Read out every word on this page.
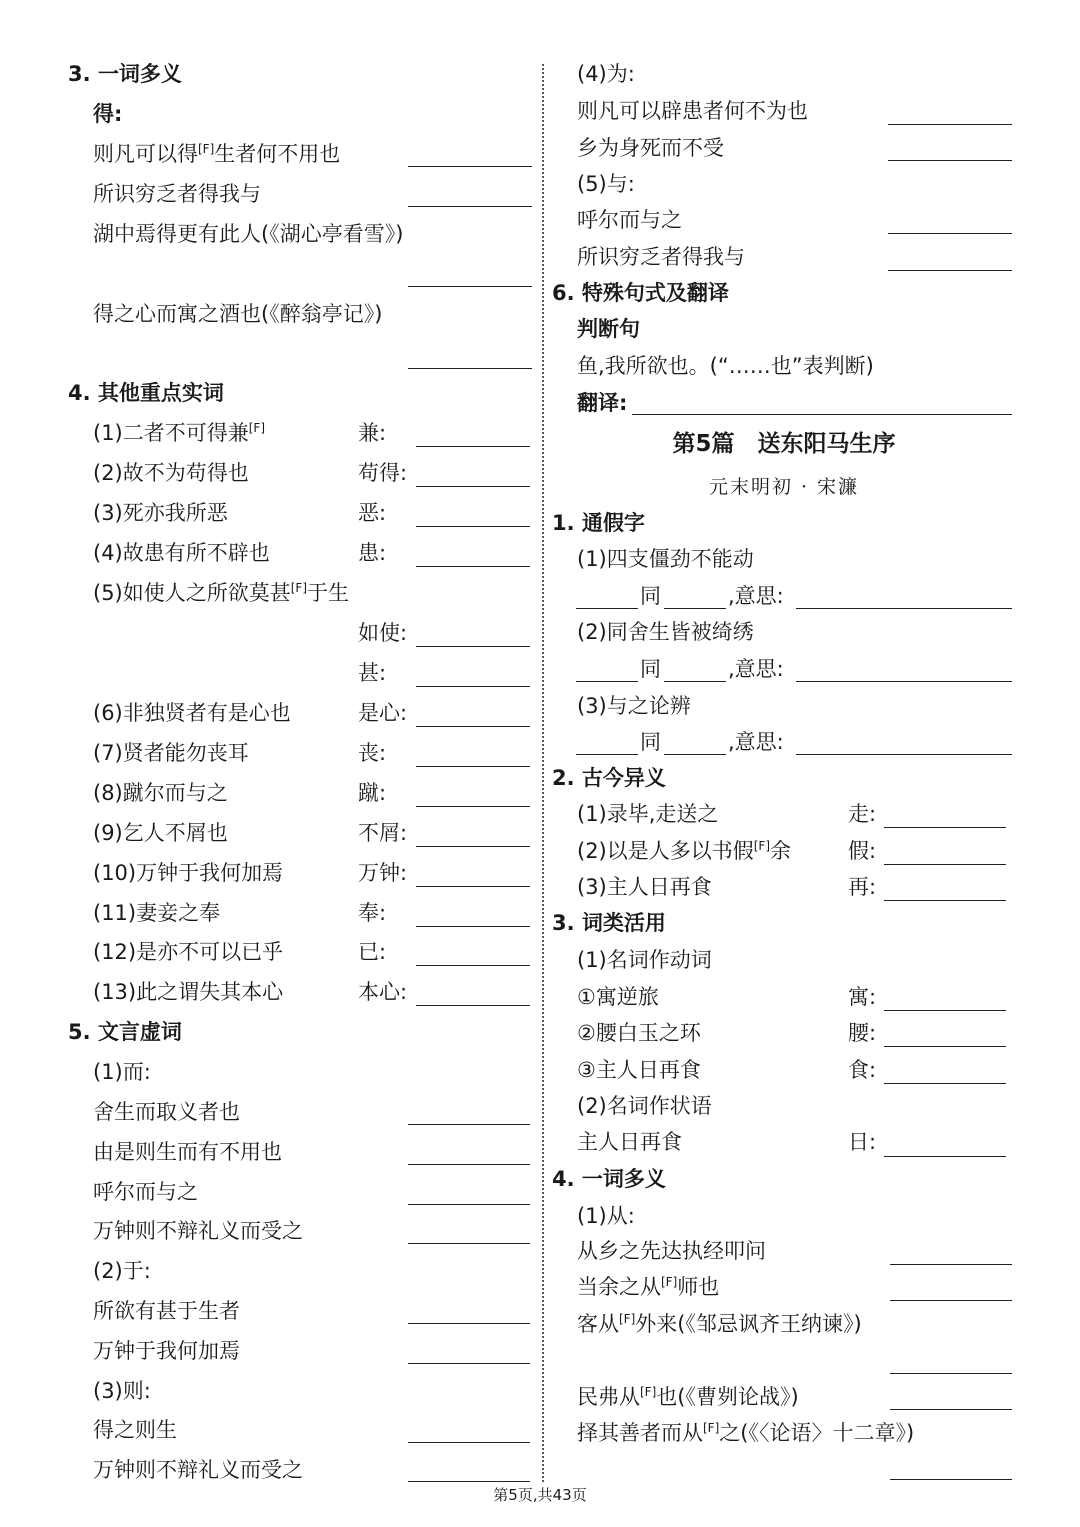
3. 一词多义
得:
则凡可以得[F]生者何不用也
所识穷乏者得我与
湖中焉得更有此人(《湖心亭看雪》)
得之心而寓之酒也(《醉翁亭记》)
4. 其他重点实词
(1)二者不可得兼[F]	兼:
(2)故不为苟得也	苟得:
(3)死亦我所恶	恶:
(4)故患有所不辟也	患:
(5)如使人之所欲莫甚[F]于生
如使:
甚:
(6)非独贤者有是心也	是心:
(7)贤者能勿丧耳	丧:
(8)蹴尔而与之	蹴:
(9)乞人不屑也	不屑:
(10)万钟于我何加焉	万钟:
(11)妻妾之奉	奉:
(12)是亦不可以已乎	已:
(13)此之谓失其本心	本心:
5. 文言虚词
(1)而:
舍生而取义者也
由是则生而有不用也
呼尔而与之
万钟则不辩礼义而受之
(2)于:
所欲有甚于生者
万钟于我何加焉
(3)则:
得之则生
万钟则不辩礼义而受之
(4)为:
则凡可以辟患者何不为也
乡为身死而不受
(5)与:
呼尔而与之
所识穷乏者得我与
6. 特殊句式及翻译
判断句
鱼,我所欲也。(“……也”表判断)
翻译:
第5篇　送东阳马生序
元末明初 · 宋濂
1. 通假字
(1)四支僵劲不能动
同	,意思:
(2)同舍生皆被绮绣
同	,意思:
(3)与之论辨
同	,意思:
2. 古今异义
(1)录毕,走送之	走:
(2)以是人多以书假[F]余	假:
(3)主人日再食	再:
3. 词类活用
(1)名词作动词
①寓逆旅	寓:
②腰白玉之环	腰:
③主人日再食	食:
(2)名词作状语
主人日再食	日:
4. 一词多义
(1)从:
从乡之先达执经叩问
当余之从[F]师也
客从[F]外来(《邹忌讽齐王纳谏》)
民弗从[F]也(《曹刿论战》)
择其善者而从[F]之(《〈论语〉十二章》)
第5页,共43页
